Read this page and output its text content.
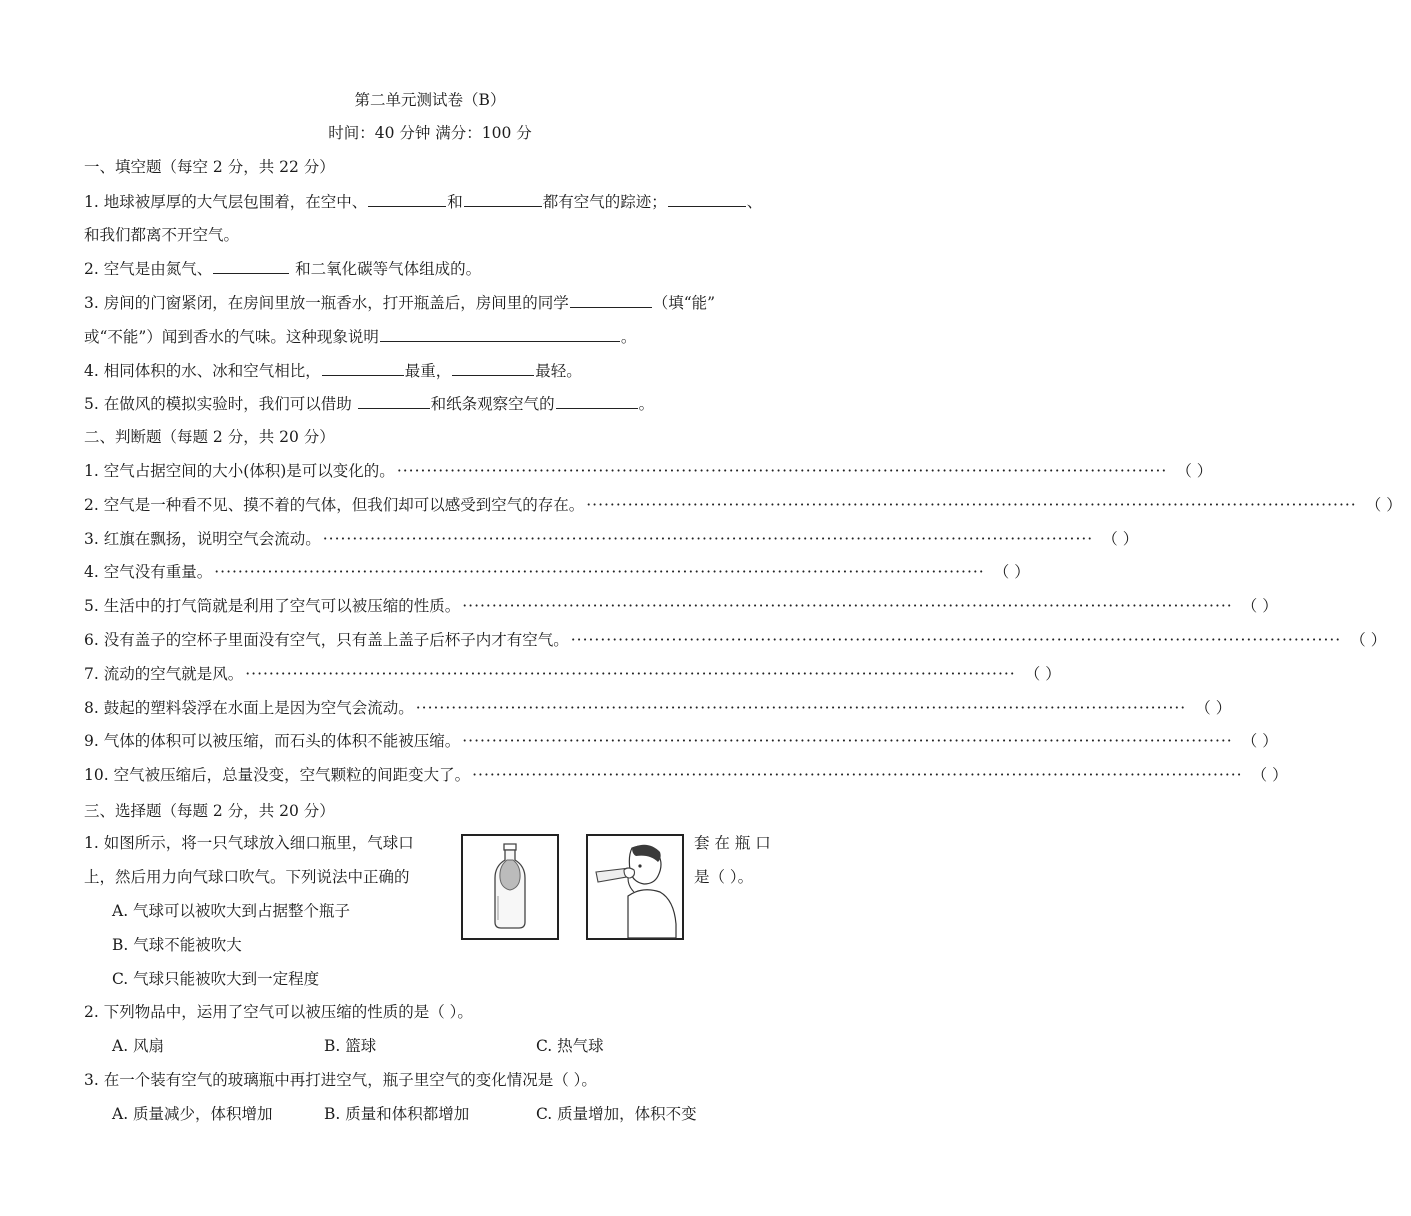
第二单元测试卷（B）
时间：40 分钟 满分：100 分
一、填空题（每空 2 分，共 22 分）
1. 地球被厚厚的大气层包围着，在空中、	和	都有空气的踪迹；	、
和我们都离不开空气。
2. 空气是由氮气、	和二氧化碳等气体组成的。
3. 房间的门窗紧闭，在房间里放一瓶香水，打开瓶盖后，房间里的同学	（填“能”
或“不能”）闻到香水的气味。这种现象说明	。
4. 相同体积的水、冰和空气相比，	最重，	最轻。
5. 在做风的模拟实验时，我们可以借助	和纸条观察空气的	。
二、判断题（每题 2 分，共 20 分）
1. 空气占据空间的大小(体积)是可以变化的。 ·································································································································· （ ）
2. 空气是一种看不见、摸不着的气体，但我们却可以感受到空气的存在。 ·································································································································· （ ）
3. 红旗在飘扬，说明空气会流动。 ·································································································································· （ ）
4. 空气没有重量。 ·································································································································· （ ）
5. 生活中的打气筒就是利用了空气可以被压缩的性质。 ·································································································································· （ ）
6. 没有盖子的空杯子里面没有空气，只有盖上盖子后杯子内才有空气。 ·································································································································· （ ）
7. 流动的空气就是风。 ·································································································································· （ ）
8. 鼓起的塑料袋浮在水面上是因为空气会流动。 ·································································································································· （ ）
9. 气体的体积可以被压缩，而石头的体积不能被压缩。 ·································································································································· （ ）
10. 空气被压缩后，总量没变，空气颗粒的间距变大了。 ·································································································································· （ ）
三、选择题（每题 2 分，共 20 分）
1. 如图所示，将一只气球放入细口瓶里，气球口	套 在 瓶 口
上，然后用力向气球口吹气。下列说法中正确的	是（ ）。
A. 气球可以被吹大到占据整个瓶子
B. 气球不能被吹大
C. 气球只能被吹大到一定程度
2. 下列物品中，运用了空气可以被压缩的性质的是（ ）。
A. 风扇	B. 篮球	C. 热气球
3. 在一个装有空气的玻璃瓶中再打进空气，瓶子里空气的变化情况是（ ）。
A. 质量减少，体积增加	B. 质量和体积都增加	C. 质量增加，体积不变
